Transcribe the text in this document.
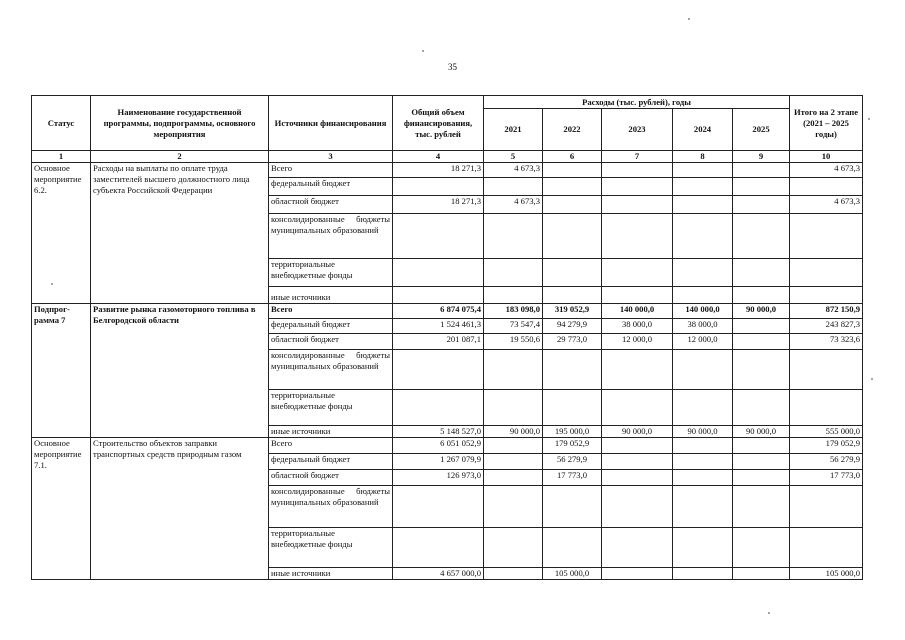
35
Статус	Наименование государственной программы, подпрограммы, основного мероприятия	Источники финансирования	Общий объем финансирования, тыс. рублей	Расходы (тыс. рублей), годы					Итого на 2 этапе (2021 – 2025 годы)
				2021	2022	2023	2024	2025	
1	2	3	4	5	6	7	8	9	10
Основное мероприятие 6.2.	Расходы на выплаты по оплате труда заместителей высшего должностного лица субъекта Российской Федерации	Всего	18 271,3	4 673,3					4 673,3
		федеральный бюджет							
		областной бюджет	18 271,3	4 673,3					4 673,3
		консолидированные бюджеты муниципальных образований							
		территориальные внебюджетные фонды							
		иные источники							
Подпрог-рамма 7	Развитие рынка газомоторного топлива в Белгородской области	Всего	6 874 075,4	183 098,0	319 052,9	140 000,0	140 000,0	90 000,0	872 150,9
		федеральный бюджет	1 524 461,3	73 547,4	94 279,9	38 000,0	38 000,0		243 827,3
		областной бюджет	201 087,1	19 550,6	29 773,0	12 000,0	12 000,0		73 323,6
		консолидированные бюджеты муниципальных образований							
		территориальные внебюджетные фонды							
		иные источники	5 148 527,0	90 000,0	195 000,0	90 000,0	90 000,0	90 000,0	555 000,0
Основное мероприятие 7.1.	Строительство объектов заправки транспортных средств природным газом	Всего	6 051 052,9		179 052,9				179 052,9
		федеральный бюджет	1 267 079,9		56 279,9				56 279,9
		областной бюджет	126 973,0		17 773,0				17 773,0
		консолидированные бюджеты муниципальных образований							
		территориальные внебюджетные фонды							
		иные источники	4 657 000,0		105 000,0				105 000,0
